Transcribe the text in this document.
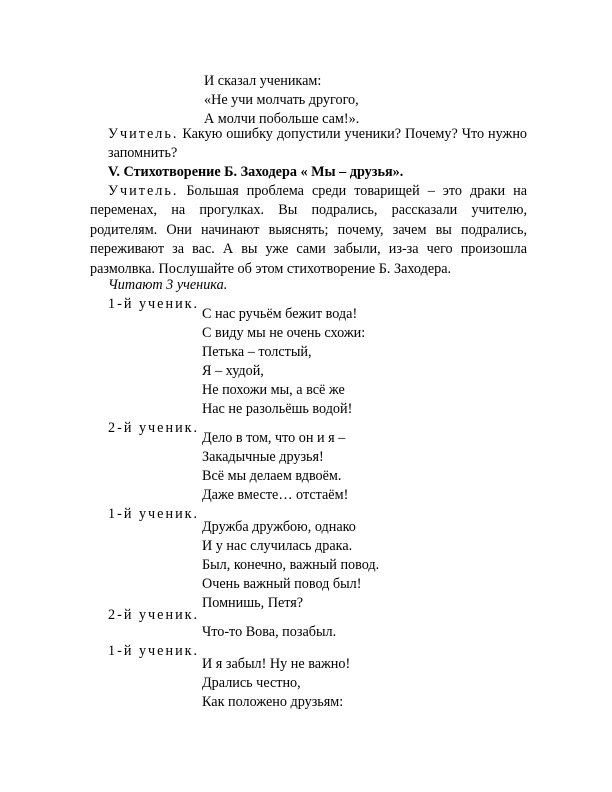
И сказал ученикам:
«Не учи молчать другого,
А молчи побольше сам!».
Учитель. Какую ошибку допустили ученики? Почему? Что нужно запомнить?
V. Стихотворение Б. Заходера « Мы – друзья».
Учитель. Большая проблема среди товарищей – это драки на переменах, на прогулках. Вы подрались, рассказали учителю, родителям. Они начинают выяснять; почему, зачем вы подрались, переживают за вас. А вы уже сами забыли, из-за чего произошла размолвка. Послушайте об этом стихотворение Б. Заходера.
Читают 3 ученика.
1-й ученик.
С нас ручьём бежит вода!
С виду мы не очень схожи:
Петька – толстый,
Я – худой,
Не похожи мы, а всё же
Нас не разольёшь водой!
2-й ученик.
Дело в том, что он и я –
Закадычные друзья!
Всё мы делаем вдвоём.
Даже вместе… отстаём!
1-й ученик.
Дружба дружбою, однако
И у нас случилась драка.
Был, конечно, важный повод.
Очень важный повод был!
Помнишь, Петя?
2-й ученик.
Что-то Вова, позабыл.
1-й ученик.
И я забыл! Ну не важно!
Дрались честно,
Как положено друзьям:
